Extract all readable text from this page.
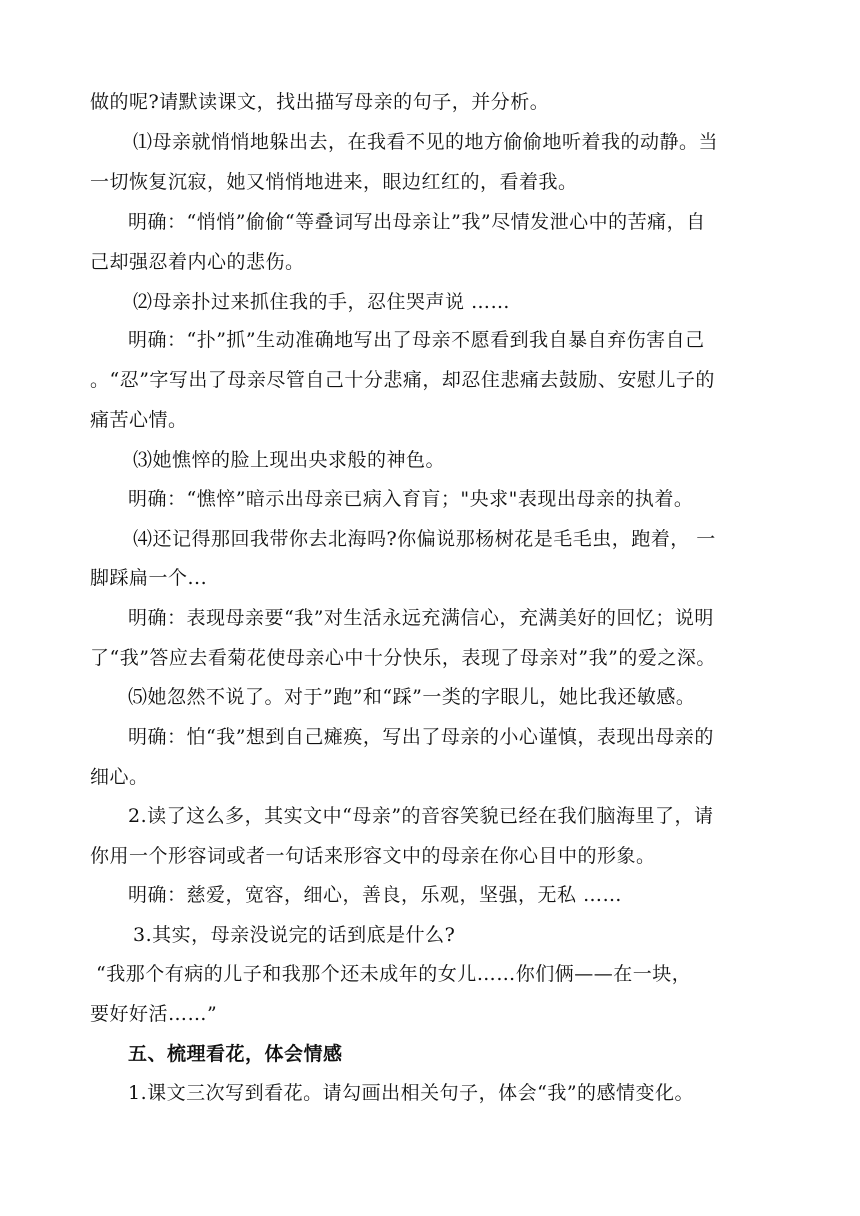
做的呢?请默读课文，找出描写母亲的句子，并分析。
⑴母亲就悄悄地躲出去，在我看不见的地方偷偷地听着我的动静。当
一切恢复沉寂，她又悄悄地进来，眼边红红的，看着我。
明确：“悄悄”偷偷“等叠词写出母亲让”我”尽情发泄心中的苦痛，自
己却强忍着内心的悲伤。
⑵母亲扑过来抓住我的手，忍住哭声说 ……
明确：“扑”抓”生动准确地写出了母亲不愿看到我自暴自弃伤害自己
。“忍”字写出了母亲尽管自己十分悲痛，却忍住悲痛去鼓励、安慰儿子的
痛苦心情。
⑶她憔悴的脸上现出央求般的神色。
明确：“憔悴”暗示出母亲已病入育肓；"央求"表现出母亲的执着。
⑷还记得那回我带你去北海吗?你偏说那杨树花是毛毛虫，跑着， 一
脚踩扁一个...
明确：表现母亲要“我”对生活永远充满信心，充满美好的回忆；说明
了“我”答应去看菊花使母亲心中十分快乐，表现了母亲对”我”的爱之深。
⑸她忽然不说了。对于”跑”和“踩”一类的字眼儿，她比我还敏感。
明确：怕“我”想到自己瘫痪，写出了母亲的小心谨慎，表现出母亲的
细心。
2.读了这么多，其实文中“母亲”的音容笑貌已经在我们脑海里了，请
你用一个形容词或者一句话来形容文中的母亲在你心目中的形象。
明确：慈爱，宽容，细心，善良，乐观，坚强，无私 ……
3.其实，母亲没说完的话到底是什么?
“我那个有病的儿子和我那个还未成年的女儿……你们俩——在一块，
要好好活……”
五、梳理看花，体会情感
1.课文三次写到看花。请勾画出相关句子，体会“我”的感情变化。
